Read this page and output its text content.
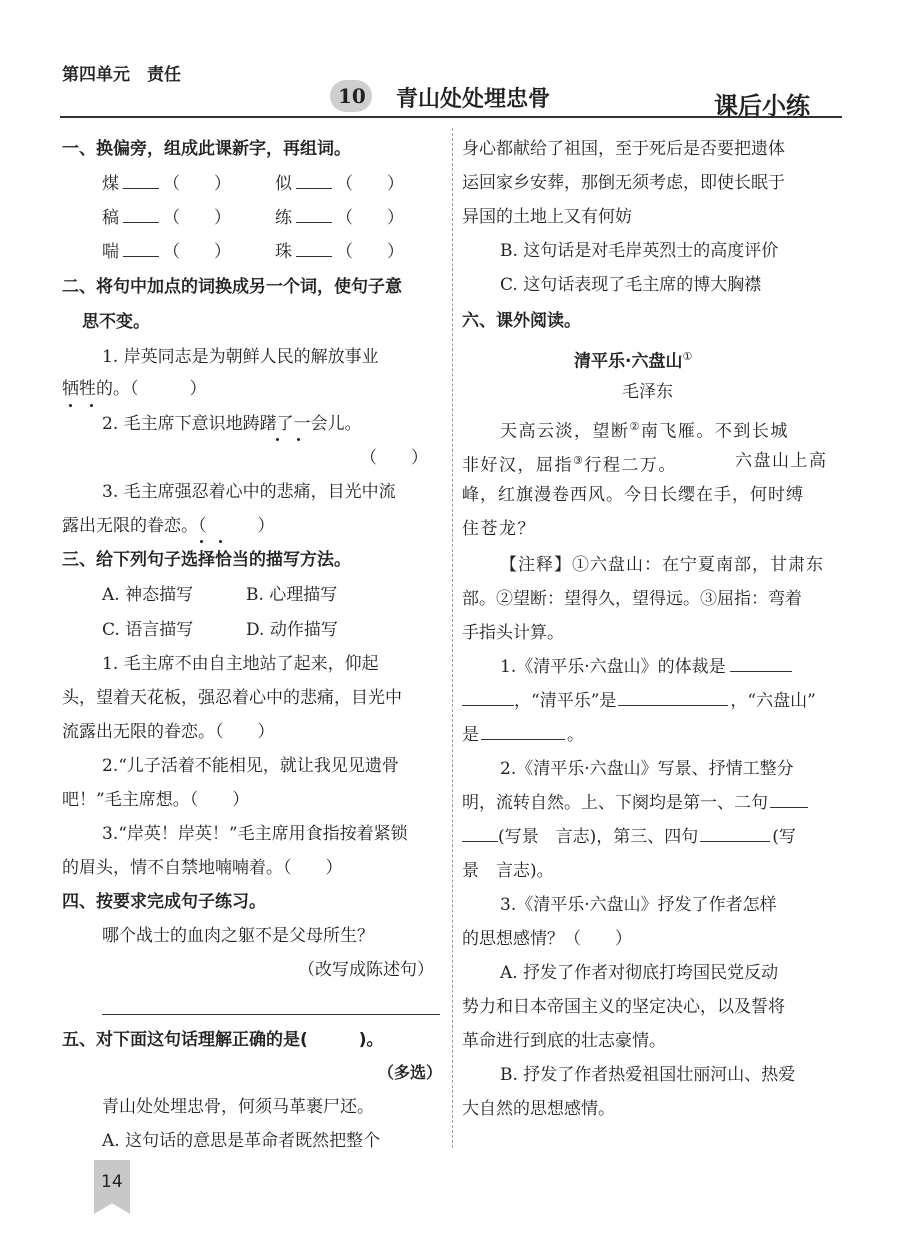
第四单元　责任
10 青山处处埋忠骨	课后小练
一、换偏旁，组成此课新字，再组词。
煤	（　　）	似	（　　）
稿	（　　）	练	（　　）
喘	（　　）	珠	（　　）
二、将句中加点的词换成另一个词，使句子意
思不变。
1. 岸英同志是为朝鲜人民的解放事业
牺牲的。（　　　）
2. 毛主席下意识地踌躇了一会儿。
（　　）
3. 毛主席强忍着心中的悲痛，目光中流
露出无限的眷恋。（　　　）
三、给下列句子选择恰当的描写方法。
A. 神态描写	B. 心理描写
C. 语言描写	D. 动作描写
1. 毛主席不由自主地站了起来，仰起
头，望着天花板，强忍着心中的悲痛，目光中
流露出无限的眷恋。（　　）
2.“儿子活着不能相见，就让我见见遗骨
吧！”毛主席想。（　　）
3.“岸英！岸英！”毛主席用食指按着紧锁
的眉头，情不自禁地喃喃着。（　　）
四、按要求完成句子练习。
哪个战士的血肉之躯不是父母所生？
（改写成陈述句）
五、对下面这句话理解正确的是(　　　)。
（多选）
青山处处埋忠骨，何须马革裹尸还。
A. 这句话的意思是革命者既然把整个
身心都献给了祖国，至于死后是否要把遗体
运回家乡安葬，那倒无须考虑，即使长眠于
异国的土地上又有何妨
B. 这句话是对毛岸英烈士的高度评价
C. 这句话表现了毛主席的博大胸襟
六、课外阅读。
清平乐·六盘山①
毛泽东
天高云淡，望断②南飞雁。不到长城
非好汉，屈指③行程二万。	六盘山上高
峰，红旗漫卷西风。今日长缨在手，何时缚
住苍龙？
【注释】①六盘山：在宁夏南部，甘肃东
部。②望断：望得久，望得远。③屈指：弯着
手指头计算。
1.《清平乐·六盘山》的体裁是
，“清平乐”是	，“六盘山”
是	。
2.《清平乐·六盘山》写景、抒情工整分
明，流转自然。上、下阕均是第一、二句
(写景　言志)，第三、四句	(写
景　言志)。
3.《清平乐·六盘山》抒发了作者怎样
的思想感情？（　　）
A. 抒发了作者对彻底打垮国民党反动
势力和日本帝国主义的坚定决心，以及誓将
革命进行到底的壮志豪情。
B. 抒发了作者热爱祖国壮丽河山、热爱
大自然的思想感情。
14
